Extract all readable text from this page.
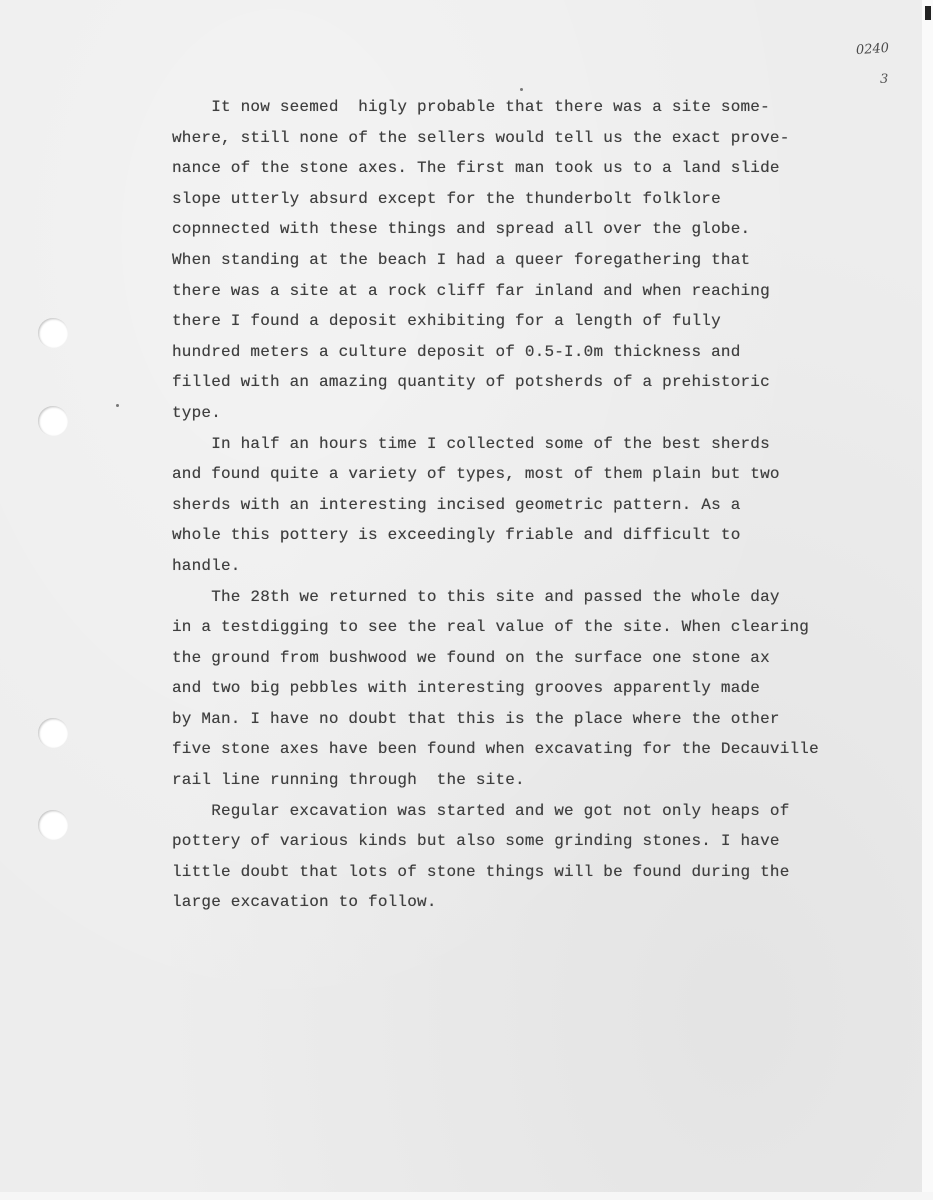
0240
3
It now seemed  higly probable that there was a site some-
where, still none of the sellers would tell us the exact prove-
nance of the stone axes. The first man took us to a land slide
slope utterly absurd except for the thunderbolt folklore
copnnected with these things and spread all over the globe.
When standing at the beach I had a queer foregathering that
there was a site at a rock cliff far inland and when reaching
there I found a deposit exhibiting for a length of fully
hundred meters a culture deposit of 0.5-I.0m thickness and
filled with an amazing quantity of potsherds of a prehistoric
type.
In half an hours time I collected some of the best sherds
and found quite a variety of types, most of them plain but two
sherds with an interesting incised geometric pattern. As a
whole this pottery is exceedingly friable and difficult to
handle.
The 28th we returned to this site and passed the whole day
in a testdigging to see the real value of the site. When clearing
the ground from bushwood we found on the surface one stone ax
and two big pebbles with interesting grooves apparently made
by Man. I have no doubt that this is the place where the other
five stone axes have been found when excavating for the Decauville
rail line running through  the site.
Regular excavation was started and we got not only heaps of
pottery of various kinds but also some grinding stones. I have
little doubt that lots of stone things will be found during the
large excavation to follow.
